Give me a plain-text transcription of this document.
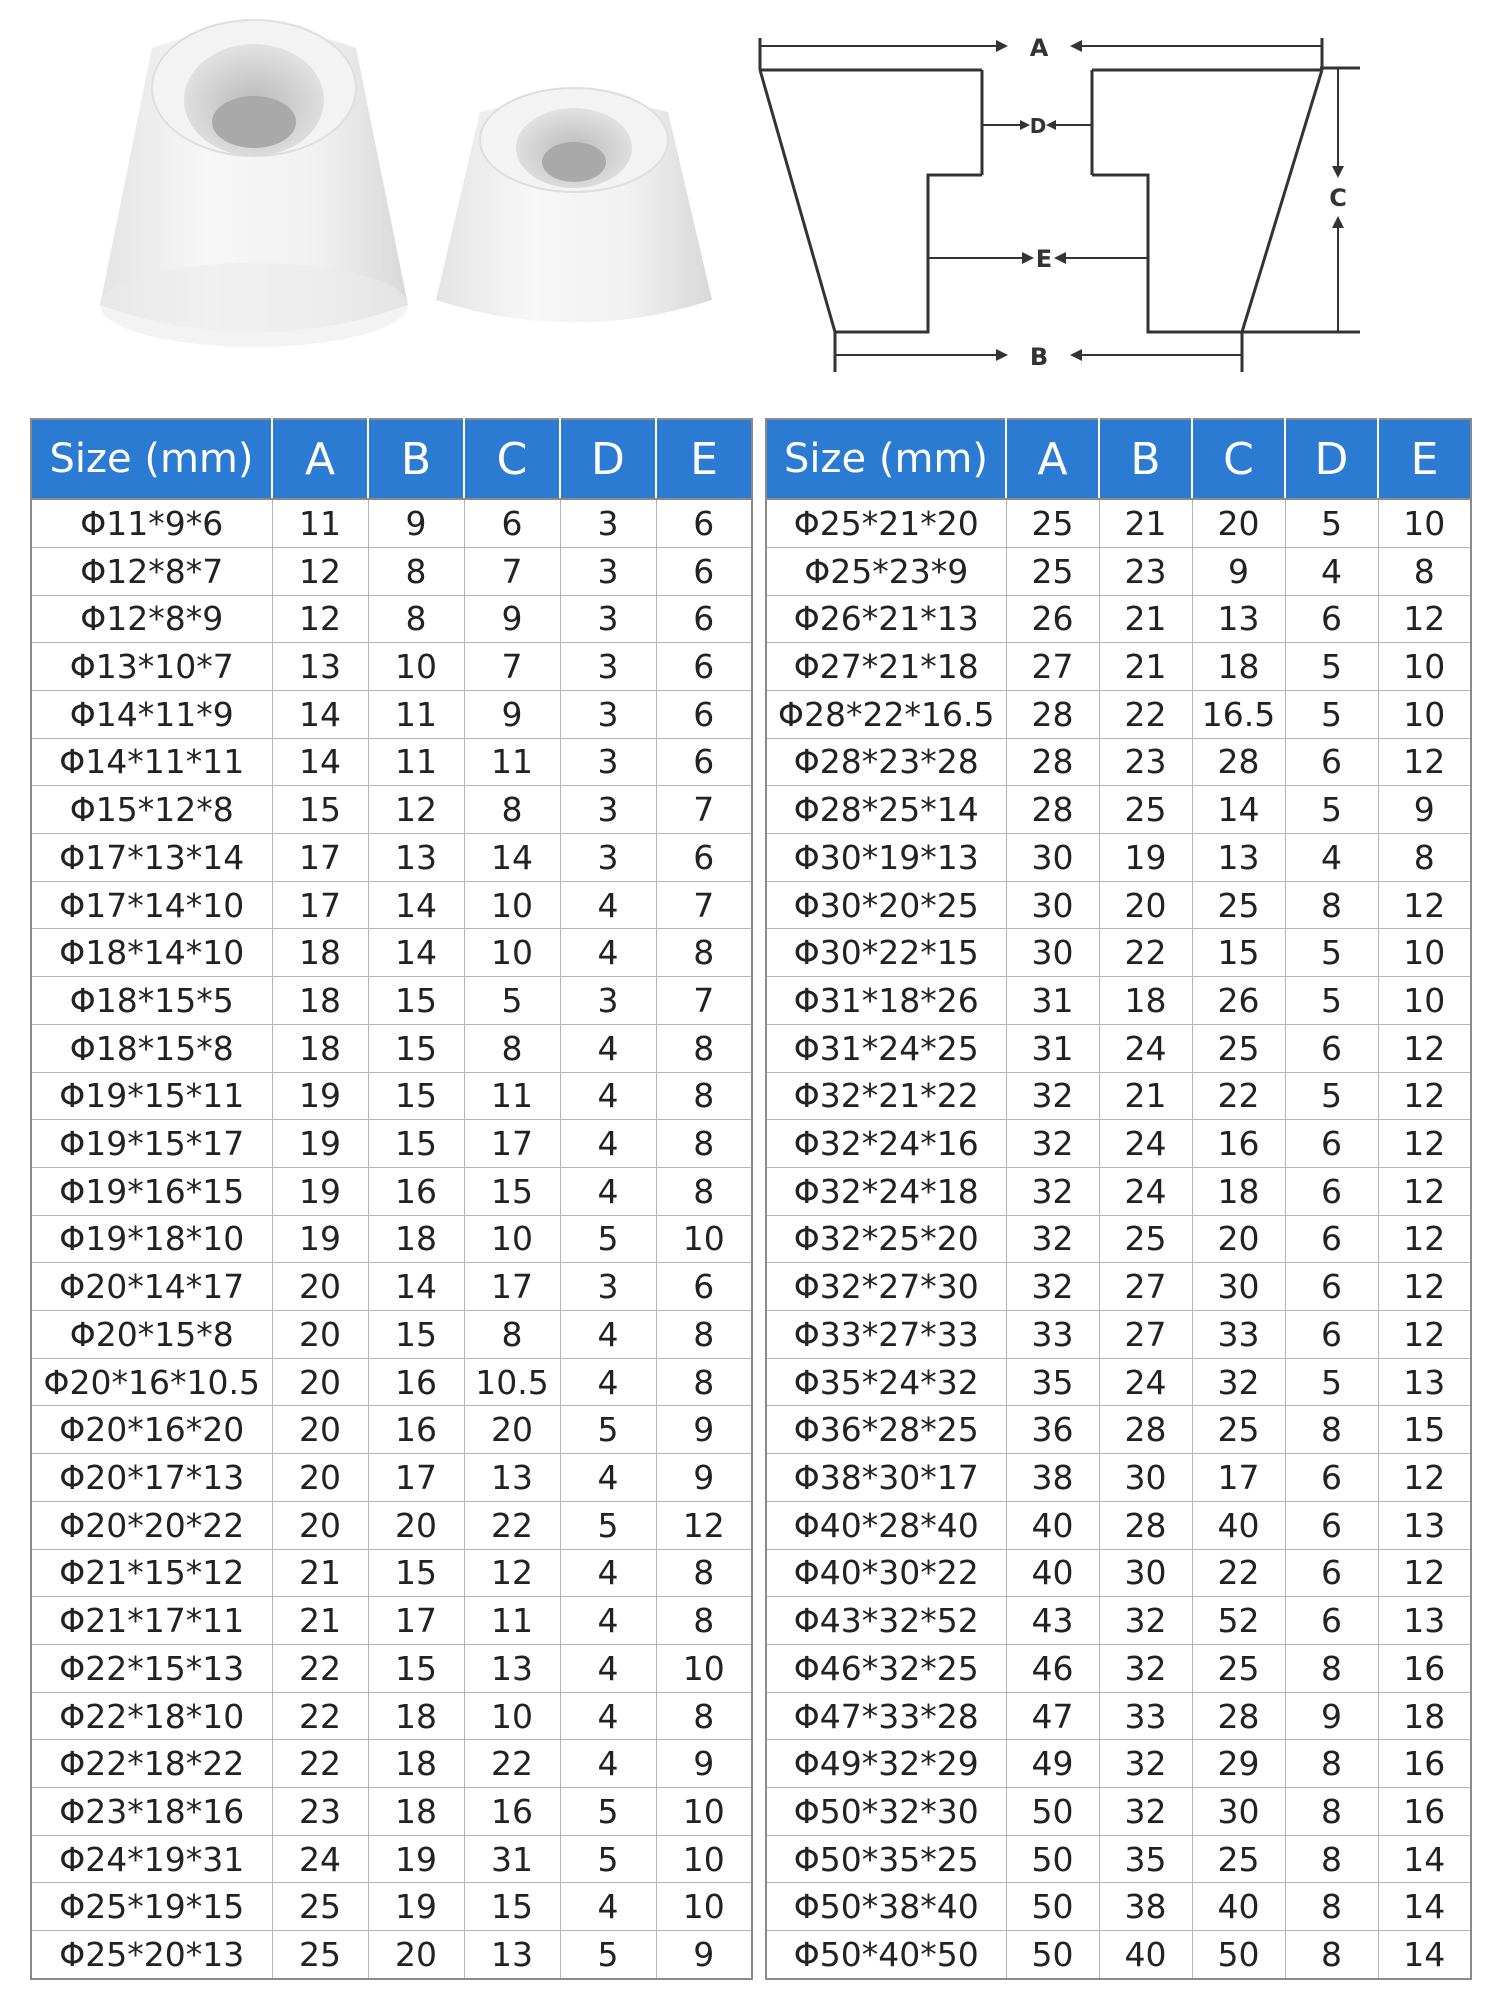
A
D
E
B
C
Size (mm)	A	B	C	D	E
Φ11*9*6	11	9	6	3	6
Φ12*8*7	12	8	7	3	6
Φ12*8*9	12	8	9	3	6
Φ13*10*7	13	10	7	3	6
Φ14*11*9	14	11	9	3	6
Φ14*11*11	14	11	11	3	6
Φ15*12*8	15	12	8	3	7
Φ17*13*14	17	13	14	3	6
Φ17*14*10	17	14	10	4	7
Φ18*14*10	18	14	10	4	8
Φ18*15*5	18	15	5	3	7
Φ18*15*8	18	15	8	4	8
Φ19*15*11	19	15	11	4	8
Φ19*15*17	19	15	17	4	8
Φ19*16*15	19	16	15	4	8
Φ19*18*10	19	18	10	5	10
Φ20*14*17	20	14	17	3	6
Φ20*15*8	20	15	8	4	8
Φ20*16*10.5	20	16	10.5	4	8
Φ20*16*20	20	16	20	5	9
Φ20*17*13	20	17	13	4	9
Φ20*20*22	20	20	22	5	12
Φ21*15*12	21	15	12	4	8
Φ21*17*11	21	17	11	4	8
Φ22*15*13	22	15	13	4	10
Φ22*18*10	22	18	10	4	8
Φ22*18*22	22	18	22	4	9
Φ23*18*16	23	18	16	5	10
Φ24*19*31	24	19	31	5	10
Φ25*19*15	25	19	15	4	10
Φ25*20*13	25	20	13	5	9
Size (mm)	A	B	C	D	E
Φ25*21*20	25	21	20	5	10
Φ25*23*9	25	23	9	4	8
Φ26*21*13	26	21	13	6	12
Φ27*21*18	27	21	18	5	10
Φ28*22*16.5	28	22	16.5	5	10
Φ28*23*28	28	23	28	6	12
Φ28*25*14	28	25	14	5	9
Φ30*19*13	30	19	13	4	8
Φ30*20*25	30	20	25	8	12
Φ30*22*15	30	22	15	5	10
Φ31*18*26	31	18	26	5	10
Φ31*24*25	31	24	25	6	12
Φ32*21*22	32	21	22	5	12
Φ32*24*16	32	24	16	6	12
Φ32*24*18	32	24	18	6	12
Φ32*25*20	32	25	20	6	12
Φ32*27*30	32	27	30	6	12
Φ33*27*33	33	27	33	6	12
Φ35*24*32	35	24	32	5	13
Φ36*28*25	36	28	25	8	15
Φ38*30*17	38	30	17	6	12
Φ40*28*40	40	28	40	6	13
Φ40*30*22	40	30	22	6	12
Φ43*32*52	43	32	52	6	13
Φ46*32*25	46	32	25	8	16
Φ47*33*28	47	33	28	9	18
Φ49*32*29	49	32	29	8	16
Φ50*32*30	50	32	30	8	16
Φ50*35*25	50	35	25	8	14
Φ50*38*40	50	38	40	8	14
Φ50*40*50	50	40	50	8	14
